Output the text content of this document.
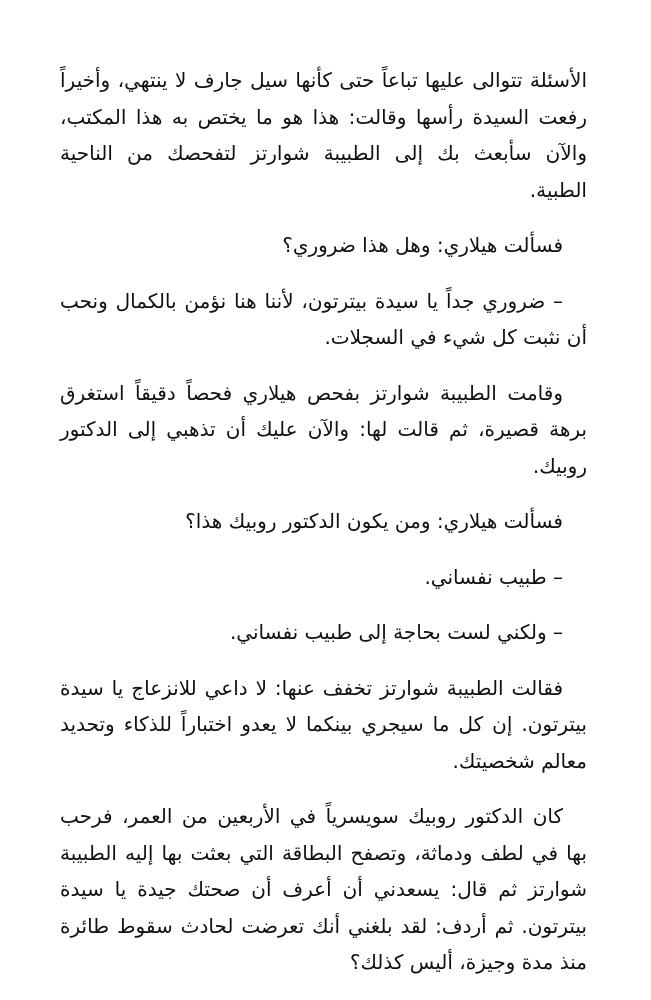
الأسئلة تتوالى عليها تباعاً حتى كأنها سيل جارف لا ينتهي، وأخيراً رفعت السيدة رأسها وقالت: هذا هو ما يختص به هذا المكتب، والآن سأبعث بك إلى الطبيبة شوارتز لتفحصك من الناحية الطبية.

فسألت هيلاري: وهل هذا ضروري؟

– ضروري جداً يا سيدة بيترتون، لأننا هنا نؤمن بالكمال ونحب أن نثبت كل شيء في السجلات.

وقامت الطبيبة شوارتز بفحص هيلاري فحصاً دقيقاً استغرق برهة قصيرة، ثم قالت لها: والآن عليك أن تذهبي إلى الدكتور روبيك.

فسألت هيلاري: ومن يكون الدكتور روبيك هذا؟

– طبيب نفساني.

– ولكني لست بحاجة إلى طبيب نفساني.

فقالت الطبيبة شوارتز تخفف عنها: لا داعي للانزعاج يا سيدة بيترتون. إن كل ما سيجري بينكما لا يعدو اختباراً للذكاء وتحديد معالم شخصيتك.

كان الدكتور روبيك سويسرياً في الأربعين من العمر، فرحب بها في لطف ودماثة، وتصفح البطاقة التي بعثت بها إليه الطبيبة شوارتز ثم قال: يسعدني أن أعرف أن صحتك جيدة يا سيدة بيترتون. ثم أردف: لقد بلغني أنك تعرضت لحادث سقوط طائرة منذ مدة وجيزة، أليس كذلك؟
